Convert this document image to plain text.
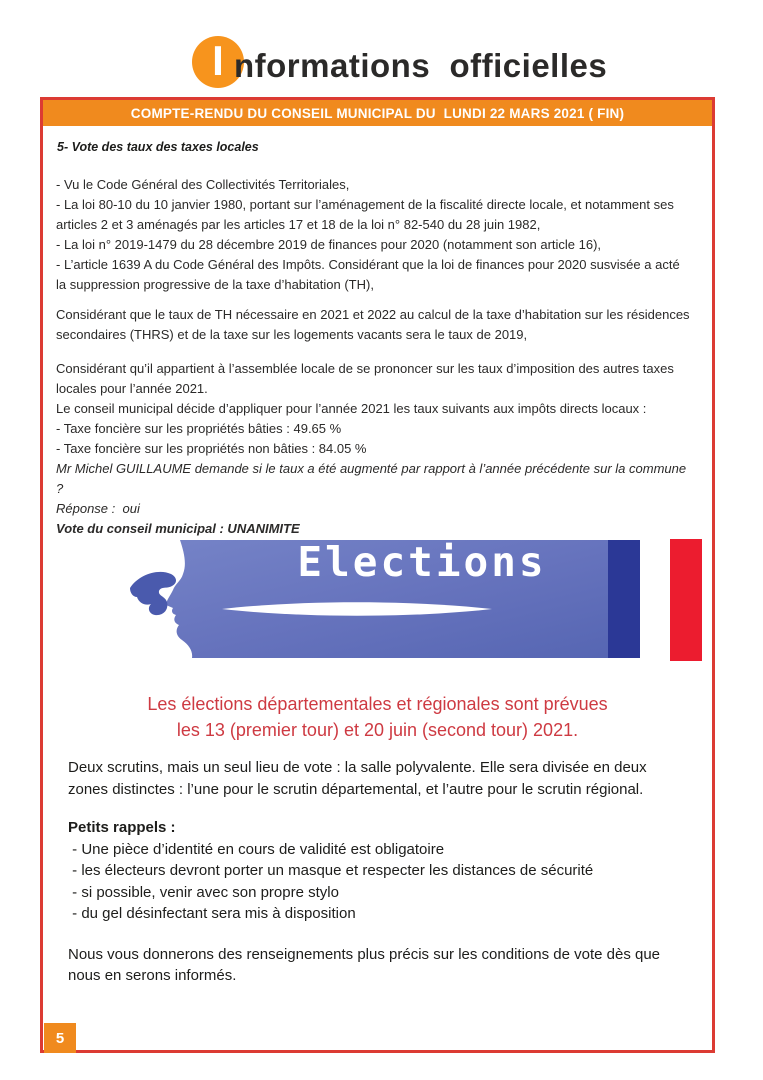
I nformations  officielles
COMPTE-RENDU DU CONSEIL MUNICIPAL DU  LUNDI 22 MARS 2021 ( FIN)
5- Vote des taux des taxes locales
- Vu le Code Général des Collectivités Territoriales,
- La loi 80-10 du 10 janvier 1980, portant sur l’aménagement de la fiscalité directe locale, et notamment ses articles 2 et 3 aménagés par les articles 17 et 18 de la loi n° 82-540 du 28 juin 1982,
- La loi n° 2019-1479 du 28 décembre 2019 de finances pour 2020 (notamment son article 16),
- L’article 1639 A du Code Général des Impôts. Considérant que la loi de finances pour 2020 susvisée a acté la suppression progressive de la taxe d’habitation (TH),
Considérant que le taux de TH nécessaire en 2021 et 2022 au calcul de la taxe d’habitation sur les résidences secondaires (THRS) et de la taxe sur les logements vacants sera le taux de 2019,
Considérant qu’il appartient à l’assemblée locale de se prononcer sur les taux d’imposition des autres taxes locales pour l’année 2021.
Le conseil municipal décide d’appliquer pour l’année 2021 les taux suivants aux impôts directs locaux :
- Taxe foncière sur les propriétés bâties : 49.65 %
- Taxe foncière sur les propriétés non bâties : 84.05 %
Mr Michel GUILLAUME demande si le taux a été augmenté par rapport à l’année précédente sur la commune ?
Réponse :  oui
Vote du conseil municipal : UNANIMITE
Elections
Les élections départementales et régionales sont prévues
les 13 (premier tour) et 20 juin (second tour) 2021.
Deux scrutins, mais un seul lieu de vote : la salle polyvalente. Elle sera divisée en deux zones distinctes : l’une pour le scrutin départemental, et l’autre pour le scrutin régional.
Petits rappels :
- Une pièce d’identité en cours de validité est obligatoire
- les électeurs devront porter un masque et respecter les distances de sécurité
- si possible, venir avec son propre stylo
- du gel désinfectant sera mis à disposition
Nous vous donnerons des renseignements plus précis sur les conditions de vote dès que nous en serons informés.
5
